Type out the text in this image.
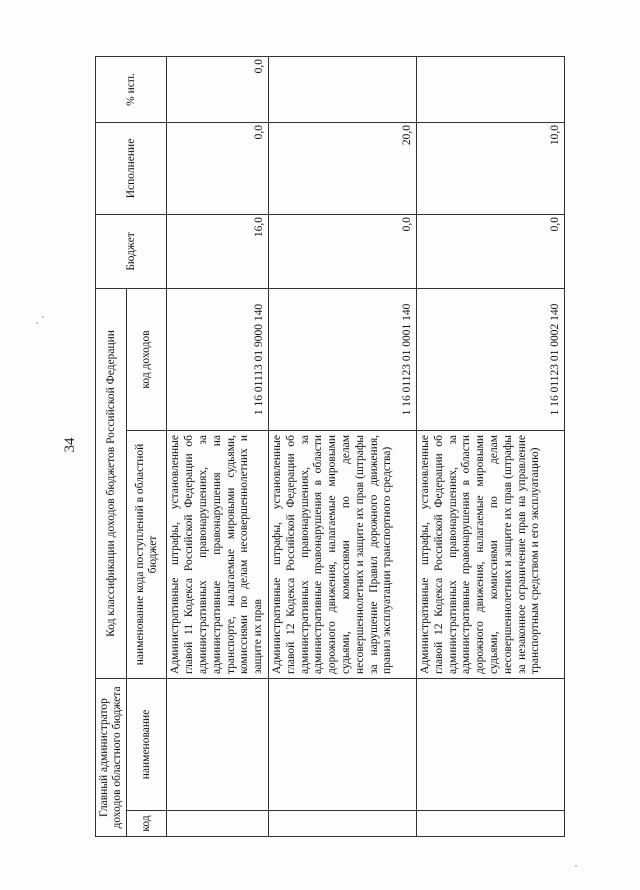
34
Главный администратор доходов областного бюджета		Код классификации доходов бюджетов Российской Федерации		Бюджет	Исполнение	% исп.
код	наименование	наименование кода поступлений в областной бюджет	код доходов			
		Административные штрафы, установленные главой 11 Кодекса Российской Федерации об административных правонарушениях, за административные правонарушения на транспорте, налагаемые мировыми судьями, комиссиями по делам несовершеннолетних и защите их прав	1 16 01113 01 9000 140	16,0	0,0	0,0
		Административные штрафы, установленные главой 12 Кодекса Российской Федерации об административных правонарушениях, за административные правонарушения в области дорожного движения, налагаемые мировыми судьями, комиссиями по делам несовершеннолетних и защите их прав (штрафы за нарушение Правил дорожного движения, правил эксплуатации транспортного средства)	1 16 01123 01 0001 140	0,0	20,0	
		Административные штрафы, установленные главой 12 Кодекса Российской Федерации об административных правонарушениях, за административные правонарушения в области дорожного движения, налагаемые мировыми судьями, комиссиями по делам несовершеннолетних и защите их прав (штрафы за незаконное ограничение прав на управление транспортным средством и его эксплуатацию)	1 16 01123 01 0002 140	0,0	10,0	
